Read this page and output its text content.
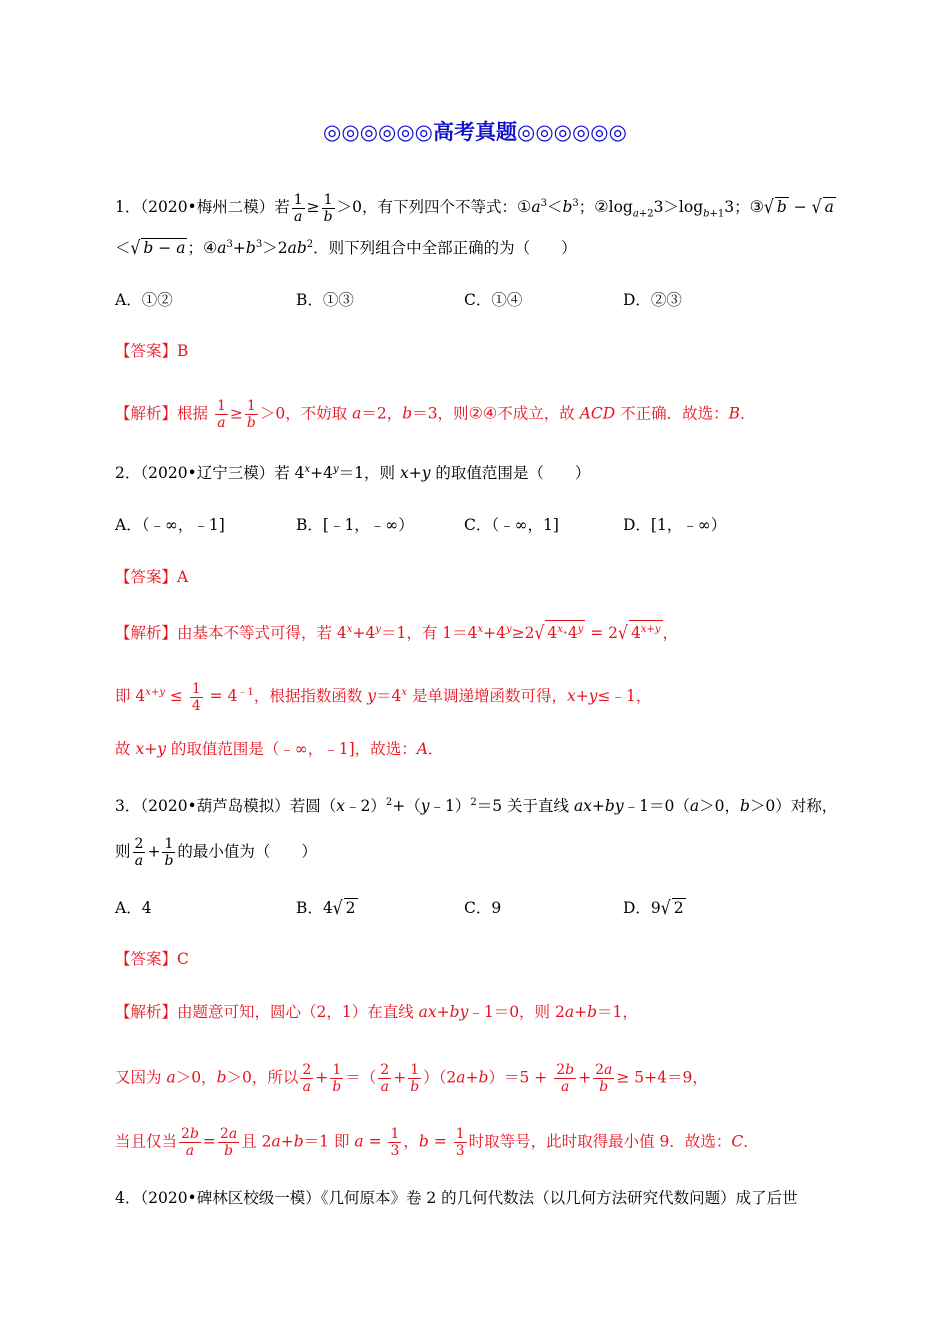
◎◎◎◎◎◎高考真题◎◎◎◎◎◎
1．（2020•梅州二模）若 $\frac{1}{a} \ge \frac{1}{b} >0$，有下列四个不等式：$①a^3<b^3$；$②\log_{a+2}3>\log_{b+1}3$；③√ b − √ a
＜√ b − a ；$④a^3+b^3>2ab^2$．则下列组合中全部正确的为（　　）
A．①②	B．①③	C．①④	D．②③
【答案】B
【解析】根据 $\frac{1}{a} \ge \frac{1}{b} >0$，不妨取 a＝2，b＝3，则②④不成立，故 ACD 不正确．故选：B．
2．（2020•辽宁三模）若 $4^x+4^y=1$，则 x+y 的取值范围是（　　）
A．（﹣∞，﹣1]	B．[﹣1，﹣∞）	C．（﹣∞，1]	D．[1，﹣∞）
【答案】A
【解析】由基本不等式可得，若 $4^x+4^y=1$，有 $1=4^x+4^y\ge 2√$ $4^x\cdot 4^y = 2√$ $4^{x+y}$ ，
即 $4^{x+y} \le \frac{1}{4} = 4^{﹣1}$，根据指数函数 $y=4^x$ 是单调递增函数可得，x+y≤﹣1，
故 x+y 的取值范围是（﹣∞，﹣1]，故选：A．
3．（2020•葫芦岛模拟）若圆（x﹣2）$^2$+（y﹣1）$^2$＝5 关于直线 ax+by﹣1＝0（a＞0，b＞0）对称，
则 $\frac{2}{a} + \frac{1}{b}$ 的最小值为（　　）
A．4	B．4√ 2	C．9	D．9√ 2
【答案】C
【解析】由题意可知，圆心（2，1）在直线 ax+by﹣1＝0，则 2a+b＝1，
又因为 a＞0，b＞0，所以 $\frac{2}{a} + \frac{1}{b}$ ＝（ $\frac{2}{a} + \frac{1}{b} )(2a+b)=5 + \frac{2b}{a} + \frac{2a}{b} \ge 5+4=9$，
当且仅当 $\frac{2b}{a} = \frac{2a}{b}$ 且 2a+b＝1 即 $a = \frac{1}{3}$ ，$b = \frac{1}{3}$ 时取等号，此时取得最小值 9．故选：C．
4．（2020•碑林区校级一模）《几何原本》卷 2 的几何代数法（以几何方法研究代数问题）成了后世
